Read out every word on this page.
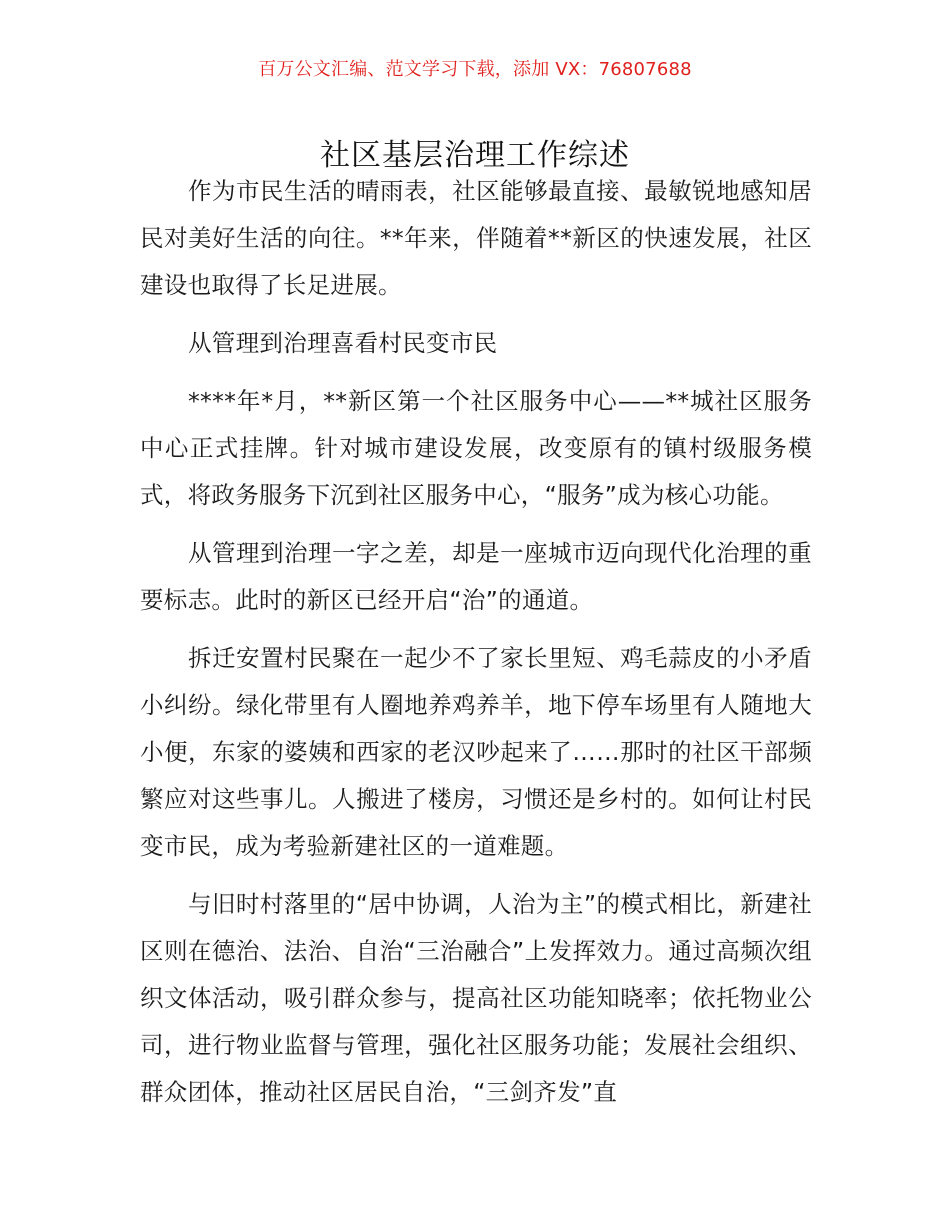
百万公文汇编、范文学习下载，添加 VX：76807688
社区基层治理工作综述

作为市民生活的晴雨表，社区能够最直接、最敏锐地感知居民对美好生活的向往。**年来，伴随着**新区的快速发展，社区建设也取得了长足进展。

从管理到治理喜看村民变市民

****年*月，**新区第一个社区服务中心——**城社区服务中心正式挂牌。针对城市建设发展，改变原有的镇村级服务模式，将政务服务下沉到社区服务中心，“服务”成为核心功能。

从管理到治理一字之差，却是一座城市迈向现代化治理的重要标志。此时的新区已经开启“治”的通道。

拆迁安置村民聚在一起少不了家长里短、鸡毛蒜皮的小矛盾小纠纷。绿化带里有人圈地养鸡养羊，地下停车场里有人随地大小便，东家的婆姨和西家的老汉吵起来了……那时的社区干部频繁应对这些事儿。人搬进了楼房，习惯还是乡村的。如何让村民变市民，成为考验新建社区的一道难题。

与旧时村落里的“居中协调，人治为主”的模式相比，新建社区则在德治、法治、自治“三治融合”上发挥效力。通过高频次组织文体活动，吸引群众参与，提高社区功能知晓率；依托物业公司，进行物业监督与管理，强化社区服务功能；发展社会组织、群众团体，推动社区居民自治，“三剑齐发”直
